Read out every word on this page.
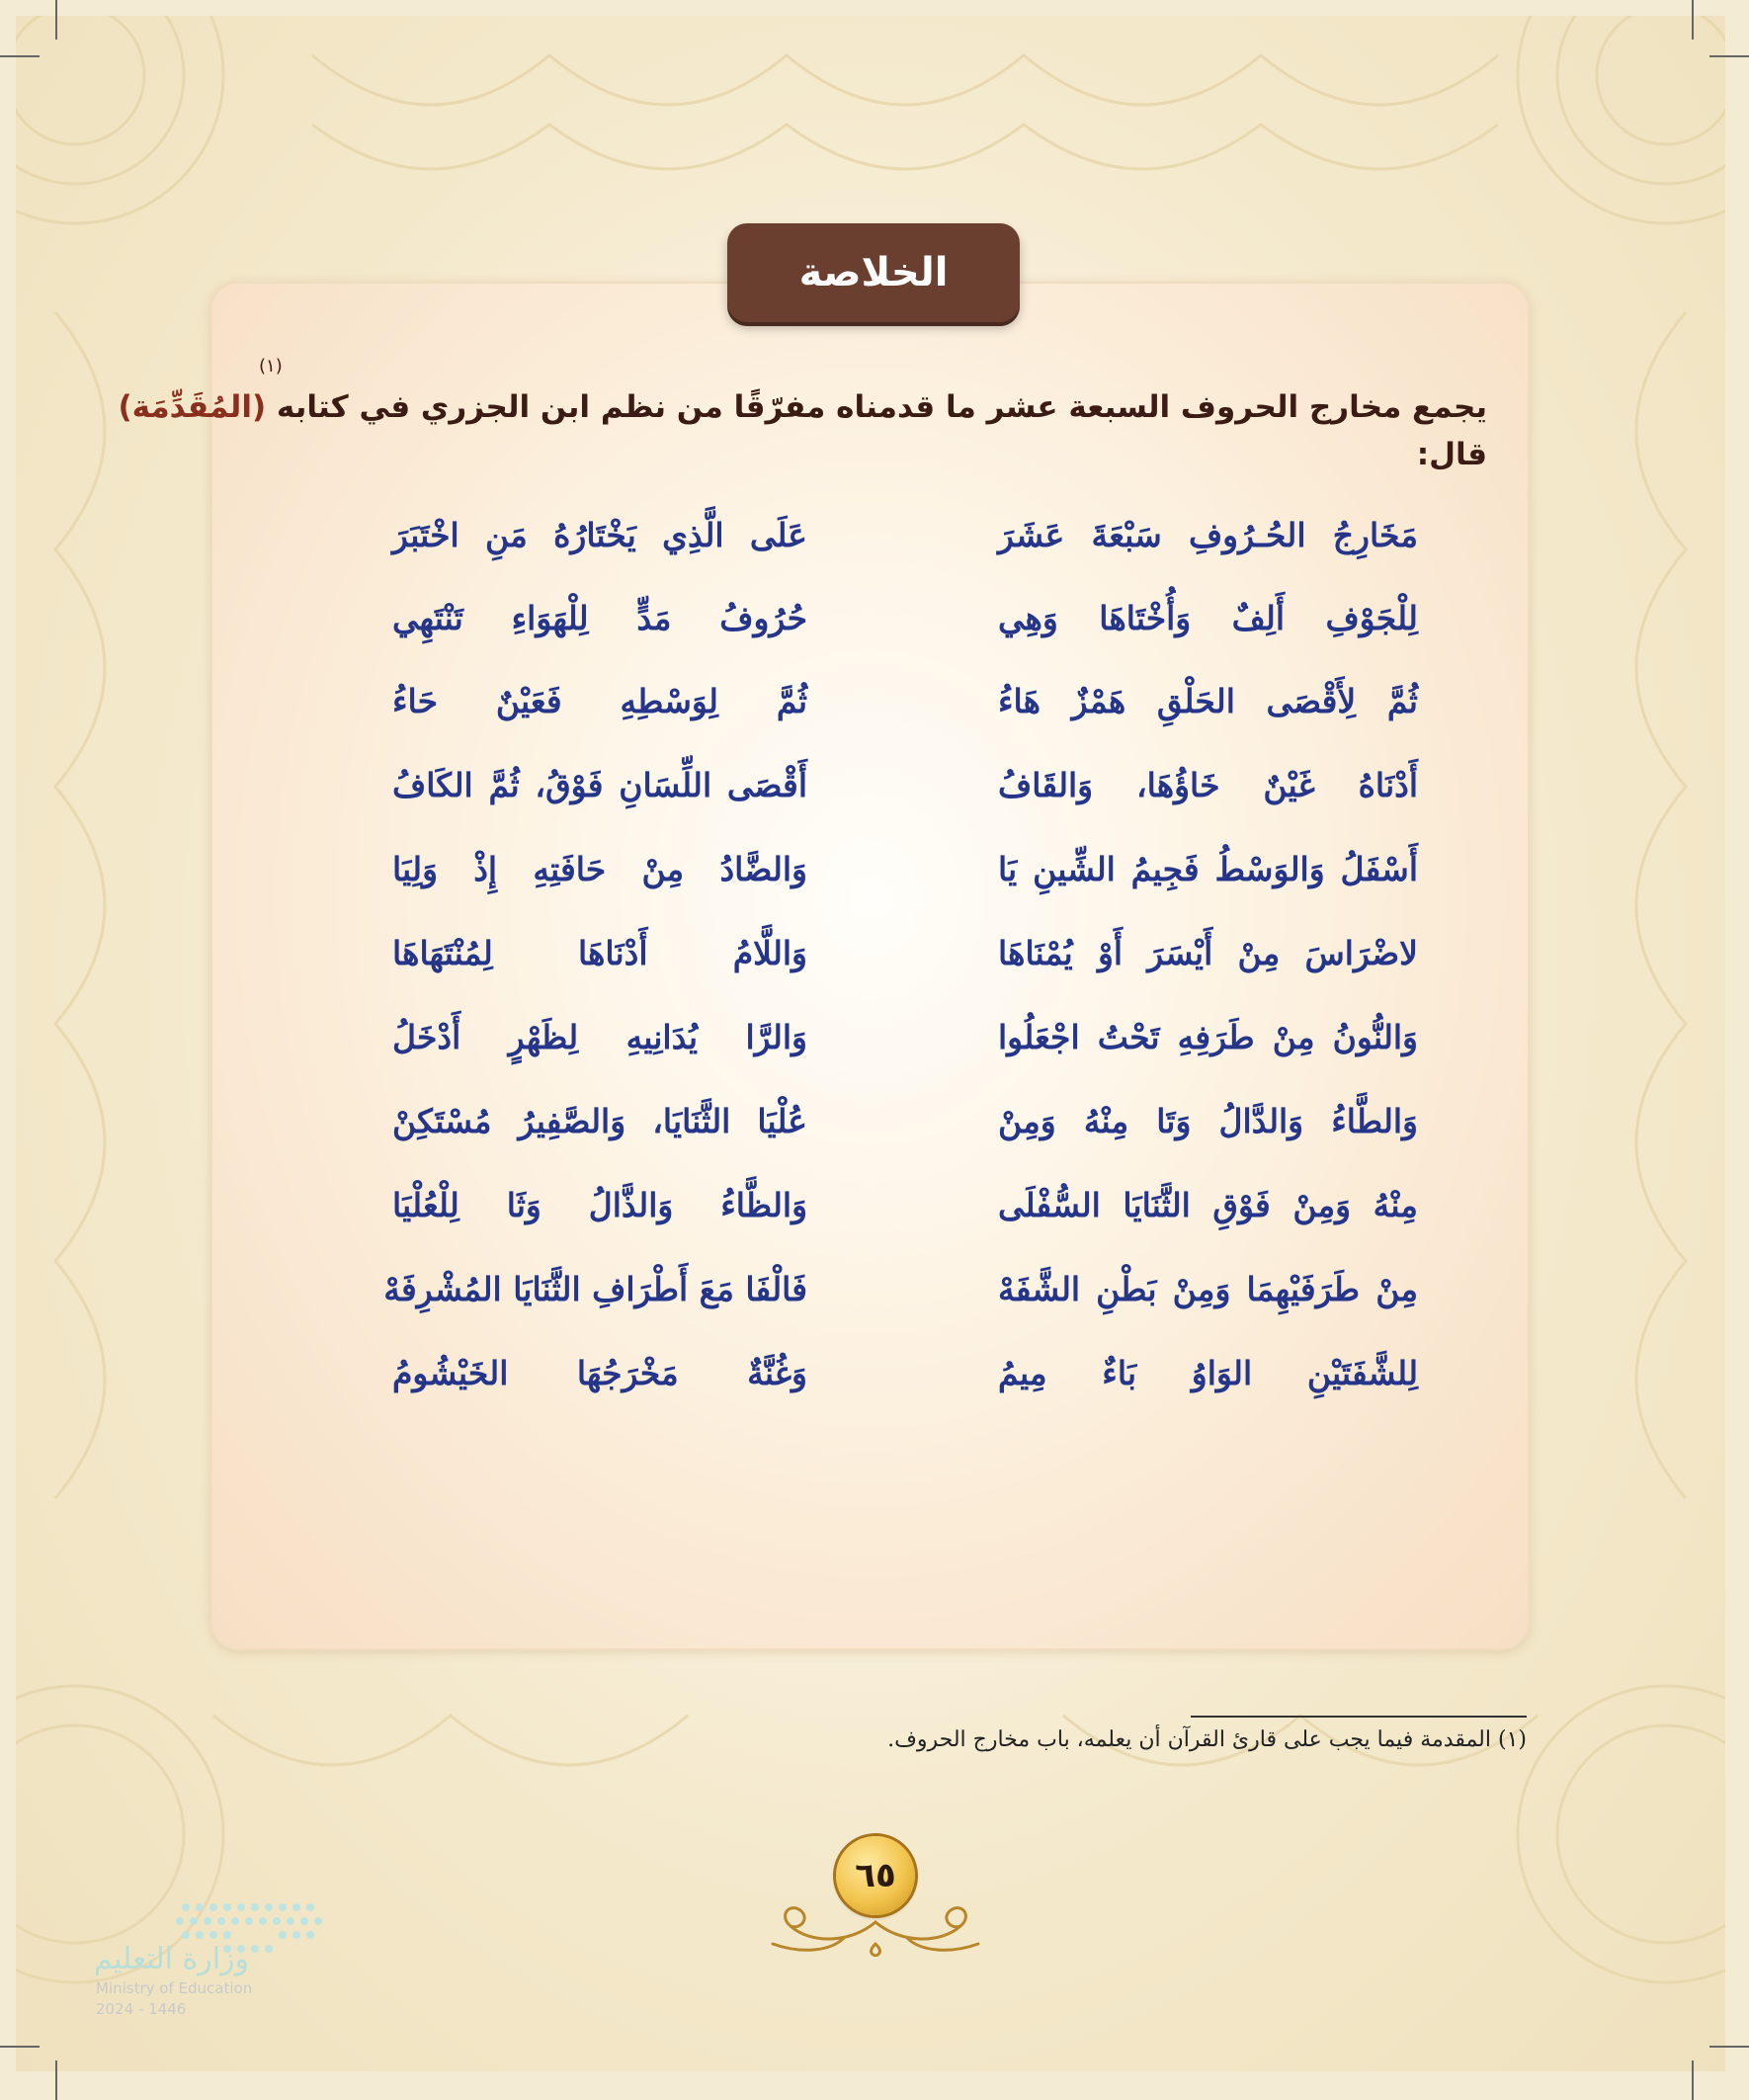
الخلاصة
(١)
يجمع مخارج الحروف السبعة عشر ما قدمناه مفرّقًا من نظم ابن الجزري في كتابه (المُقَدِّمَة)
قال:
مَخَارِجُ الحُـرُوفِ سَبْعَةَ عَشَرَ
عَلَى الَّذِي يَخْتَارُهُ مَنِ اخْتَبَرَ
لِلْجَوْفِ أَلِفٌ وَأُخْتَاهَا وَهِي
حُرُوفُ مَدٍّ لِلْهَوَاءِ تَنْتَهِي
ثُمَّ لِأَقْصَى الحَلْقِ هَمْزٌ هَاءُ
ثُمَّ لِوَسْطِهِ فَعَيْنٌ حَاءُ
أَدْنَاهُ غَيْنٌ خَاؤُهَا، وَالقَافُ
أَقْصَى اللِّسَانِ فَوْقُ، ثُمَّ الكَافُ
أَسْفَلُ وَالوَسْطُ فَجِيمُ الشِّينِ يَا
وَالضَّادُ مِنْ حَافَتِهِ إِذْ وَلِيَا
لاضْرَاسَ مِنْ أَيْسَرَ أَوْ يُمْنَاهَا
وَاللَّامُ أَدْنَاهَا لِمُنْتَهَاهَا
وَالنُّونُ مِنْ طَرَفِهِ تَحْتُ اجْعَلُوا
وَالرَّا يُدَانِيهِ لِظَهْرٍ أَدْخَلُ
وَالطَّاءُ وَالدَّالُ وَتَا مِنْهُ وَمِنْ
عُلْيَا الثَّنَايَا، وَالصَّفِيرُ مُسْتَكِنْ
مِنْهُ وَمِنْ فَوْقِ الثَّنَايَا السُّفْلَى
وَالظَّاءُ وَالذَّالُ وَثَا لِلْعُلْيَا
مِنْ طَرَفَيْهِمَا وَمِنْ بَطْنِ الشَّفَهْ
فَالْفَا مَعَ أَطْرَافِ الثَّنَايَا المُشْرِفَهْ
لِلشَّفَتَيْنِ الوَاوُ بَاءٌ مِيمُ
وَغُنَّةٌ مَخْرَجُهَا الخَيْشُومُ
(١) المقدمة فيما يجب على قارئ القرآن أن يعلمه، باب مخارج الحروف.
٦٥
وزارة التعليم
Ministry of Education
2024 - 1446
